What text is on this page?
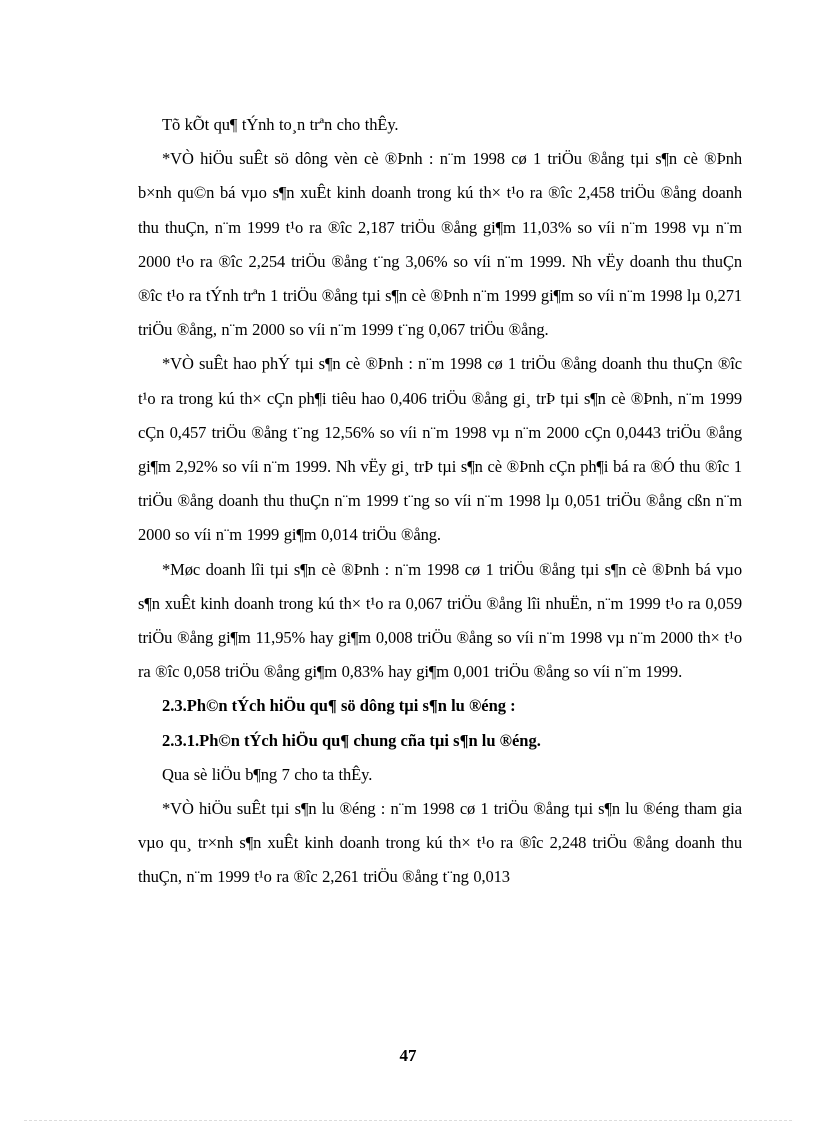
Tõ kÕt qu¶ tÝnh to¸n trªn cho thÊy.

*VÒ hiÖu suÊt sö dông vèn cè ®Þnh : n¨m 1998 cø 1 triÖu ®ång tµi s¶n cè ®Þnh b×nh qu©n bá vµo s¶n xuÊt kinh doanh trong kú th× t¹o ra ®îc 2,458 triÖu ®ång doanh thu thuÇn, n¨m 1999 t¹o ra ®îc 2,187 triÖu ®ång gi¶m 11,03% so víi n¨m 1998 vµ n¨m 2000 t¹o ra ®îc 2,254 triÖu ®ång t¨ng 3,06% so víi n¨m 1999. Nh vËy doanh thu thuÇn ®îc t¹o ra tÝnh trªn 1 triÖu ®ång tµi s¶n cè ®Þnh n¨m 1999 gi¶m so víi n¨m 1998 lµ 0,271 triÖu ®ång, n¨m 2000 so víi n¨m 1999 t¨ng 0,067 triÖu ®ång.

*VÒ suÊt hao phÝ tµi s¶n cè ®Þnh : n¨m 1998 cø 1 triÖu ®ång doanh thu thuÇn ®îc t¹o ra trong kú th× cÇn ph¶i tiêu hao 0,406 triÖu ®ång gi¸ trÞ tµi s¶n cè ®Þnh, n¨m 1999 cÇn 0,457 triÖu ®ång t¨ng 12,56% so víi n¨m 1998 vµ n¨m 2000 cÇn 0,0443 triÖu ®ång gi¶m 2,92% so víi n¨m 1999. Nh vËy gi¸ trÞ tµi s¶n cè ®Þnh cÇn ph¶i bá ra ®Ó thu ®îc 1 triÖu ®ång doanh thu thuÇn n¨m 1999 t¨ng so víi n¨m 1998 lµ 0,051 triÖu ®ång cßn n¨m 2000 so víi n¨m 1999 gi¶m 0,014 triÖu ®ång.

*Møc doanh lîi tµi s¶n cè ®Þnh : n¨m 1998 cø 1 triÖu ®ång tµi s¶n cè ®Þnh bá vµo s¶n xuÊt kinh doanh trong kú th× t¹o ra 0,067 triÖu ®ång lîi nhuËn, n¨m 1999 t¹o ra 0,059 triÖu ®ång gi¶m 11,95% hay gi¶m 0,008 triÖu ®ång so víi n¨m 1998 vµ n¨m 2000 th× t¹o ra ®îc 0,058 triÖu ®ång gi¶m 0,83% hay gi¶m 0,001 triÖu ®ång so víi n¨m 1999.

2.3.Ph©n tÝch hiÖu qu¶ sö dông tµi s¶n lu ®éng :

2.3.1.Ph©n tÝch hiÖu qu¶ chung cña tµi s¶n lu ®éng.

Qua sè liÖu b¶ng 7 cho ta thÊy.

*VÒ hiÖu suÊt tµi s¶n lu ®éng : n¨m 1998 cø 1 triÖu ®ång tµi s¶n lu ®éng tham gia vµo qu¸ tr×nh s¶n xuÊt kinh doanh trong kú th× t¹o ra ®îc 2,248 triÖu ®ång doanh thu thuÇn, n¨m 1999 t¹o ra ®îc 2,261 triÖu ®ång t¨ng 0,013

47
